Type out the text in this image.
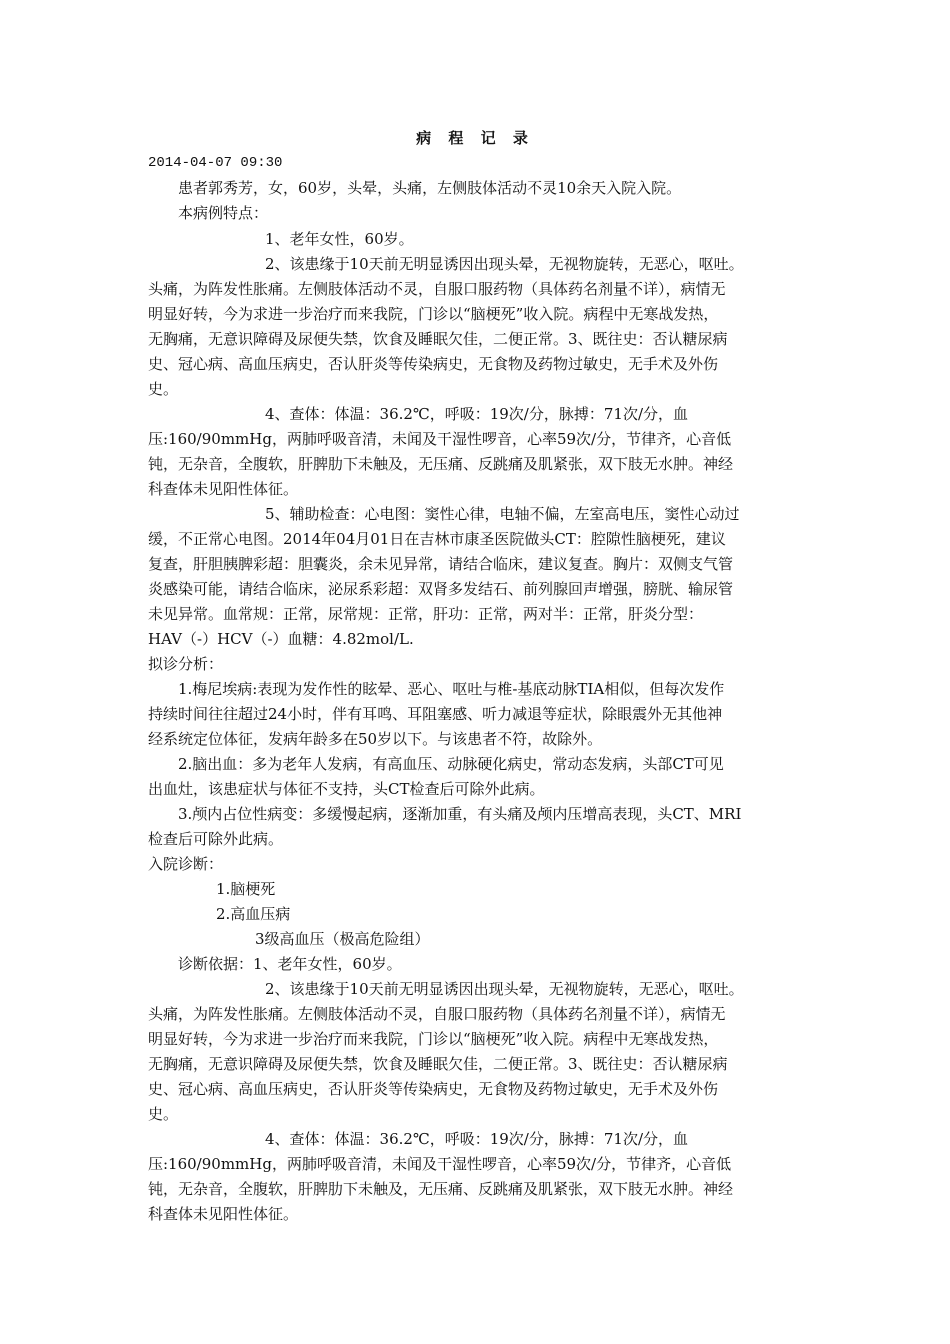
病 程 记 录
2014-04-07 09:30
患者郭秀芳，女，60岁，头晕，头痛，左侧肢体活动不灵10余天入院入院。
本病例特点：
1、老年女性，60岁。
2、该患缘于10天前无明显诱因出现头晕，无视物旋转，无恶心，呕吐。
头痛，为阵发性胀痛。左侧肢体活动不灵，自服口服药物（具体药名剂量不详），病情无
明显好转，今为求进一步治疗而来我院，门诊以“脑梗死”收入院。病程中无寒战发热，
无胸痛，无意识障碍及尿便失禁，饮食及睡眠欠佳，二便正常。3、既往史：否认糖尿病
史、冠心病、高血压病史，否认肝炎等传染病史，无食物及药物过敏史，无手术及外伤
史。
4、查体：体温：36.2℃，呼吸：19次/分，脉搏：71次/分，血
压:160/90mmHg，两肺呼吸音清，未闻及干湿性啰音，心率59次/分，节律齐，心音低
钝，无杂音，全腹软，肝脾肋下未触及，无压痛、反跳痛及肌紧张，双下肢无水肿。神经
科查体未见阳性体征。
5、辅助检查：心电图：窦性心律，电轴不偏，左室高电压，窦性心动过
缓，不正常心电图。2014年04月01日在吉林市康圣医院做头CT：腔隙性脑梗死，建议
复查，肝胆胰脾彩超：胆囊炎，余未见异常，请结合临床，建议复查。胸片：双侧支气管
炎感染可能，请结合临床，泌尿系彩超：双肾多发结石、前列腺回声增强，膀胱、输尿管
未见异常。血常规：正常，尿常规：正常，肝功：正常，两对半：正常，肝炎分型：
HAV（-）HCV（-）血糖：4.82mol/L.
拟诊分析：
1.梅尼埃病:表现为发作性的眩晕、恶心、呕吐与椎-基底动脉TIA相似，但每次发作
持续时间往往超过24小时，伴有耳鸣、耳阻塞感、听力减退等症状，除眼震外无其他神
经系统定位体征，发病年龄多在50岁以下。与该患者不符，故除外。
2.脑出血：多为老年人发病，有高血压、动脉硬化病史，常动态发病，头部CT可见
出血灶，该患症状与体征不支持，头CT检查后可除外此病。
3.颅内占位性病变：多缓慢起病，逐渐加重，有头痛及颅内压增高表现，头CT、MRI
检查后可除外此病。
入院诊断：
1.脑梗死
2.高血压病
3级高血压（极高危险组）
诊断依据：1、老年女性，60岁。
2、该患缘于10天前无明显诱因出现头晕，无视物旋转，无恶心，呕吐。
头痛，为阵发性胀痛。左侧肢体活动不灵，自服口服药物（具体药名剂量不详），病情无
明显好转，今为求进一步治疗而来我院，门诊以“脑梗死”收入院。病程中无寒战发热，
无胸痛，无意识障碍及尿便失禁，饮食及睡眠欠佳，二便正常。3、既往史：否认糖尿病
史、冠心病、高血压病史，否认肝炎等传染病史，无食物及药物过敏史，无手术及外伤
史。
4、查体：体温：36.2℃，呼吸：19次/分，脉搏：71次/分，血
压:160/90mmHg，两肺呼吸音清，未闻及干湿性啰音，心率59次/分，节律齐，心音低
钝，无杂音，全腹软，肝脾肋下未触及，无压痛、反跳痛及肌紧张，双下肢无水肿。神经
科查体未见阳性体征。
